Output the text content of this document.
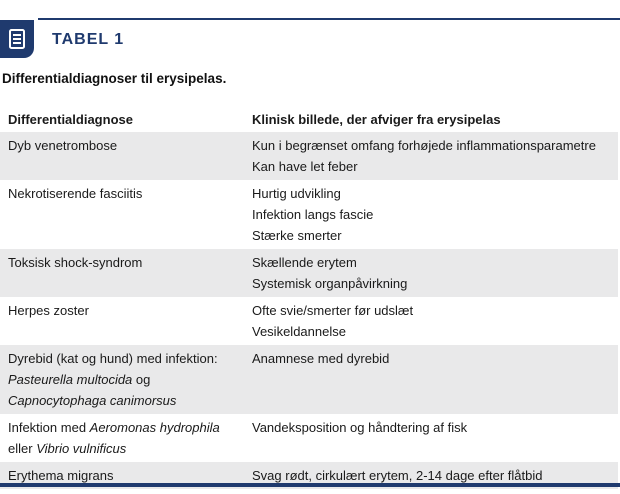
TABEL 1
Differentialdiagnoser til erysipelas.
Differentialdiagnose	Klinisk billede, der afviger fra erysipelas

Dyb venetrombose	Kun i begrænset omfang forhøjede inflammationsparametre
Kan have let feber

Nekrotiserende fasciitis	Hurtig udvikling
Infektion langs fascie
Stærke smerter

Toksisk shock-syndrom	Skællende erytem
Systemisk organpåvirkning

Herpes zoster	Ofte svie/smerter før udslæt
Vesikeldannelse

Dyrebid (kat og hund) med infektion:
Pasteurella multocida og
Capnocytophaga canimorsus	Anamnese med dyrebid

Infektion med Aeromonas hydrophila
eller Vibrio vulnificus	Vandeksposition og håndtering af fisk

Erythema migrans	Svag rødt, cirkulært erytem, 2-14 dage efter flåtbid
